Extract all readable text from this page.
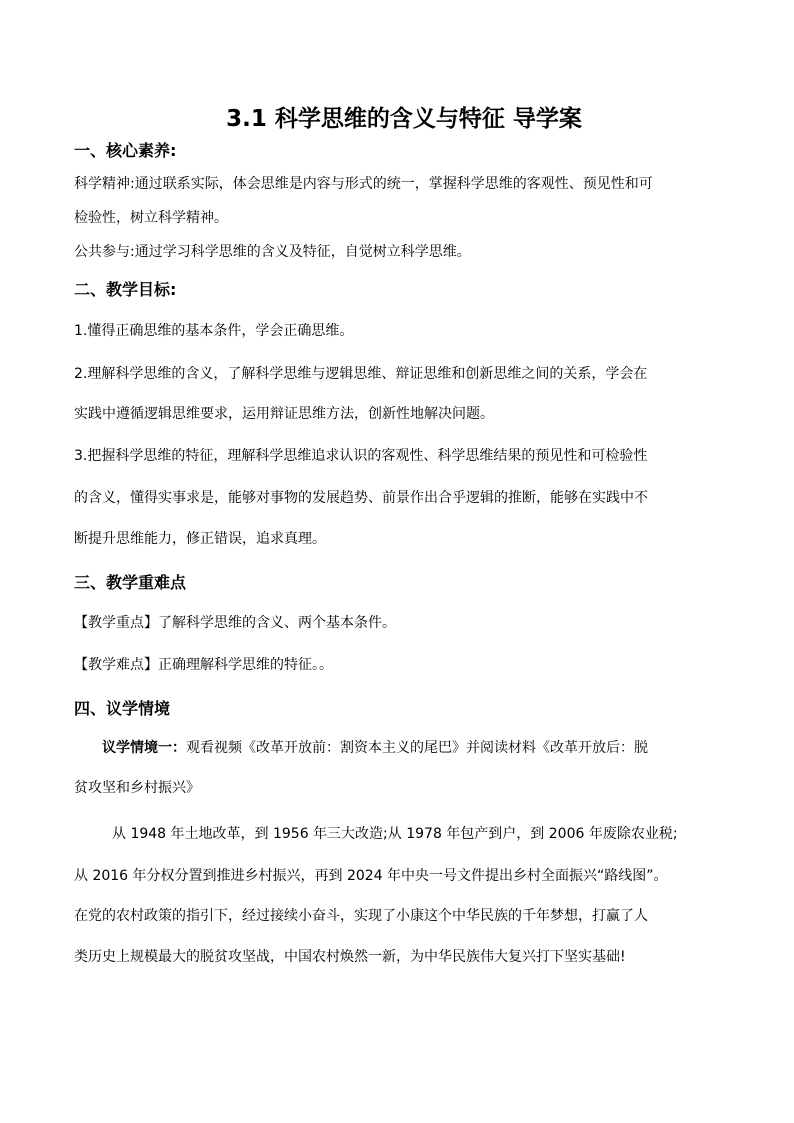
3.1 科学思维的含义与特征 导学案
一、核心素养:
科学精神:通过联系实际，体会思维是内容与形式的统一，掌握科学思维的客观性、预见性和可
检验性，树立科学精神。
公共参与:通过学习科学思维的含义及特征，自觉树立科学思维。
二、教学目标:
1.懂得正确思维的基本条件，学会正确思维。
2.理解科学思维的含义，了解科学思维与逻辑思维、辩证思维和创新思维之间的关系，学会在
实践中遵循逻辑思维要求，运用辩证思维方法，创新性地解决问题。
3.把握科学思维的特征，理解科学思维追求认识的客观性、科学思维结果的预见性和可检验性
的含义，懂得实事求是，能够对事物的发展趋势、前景作出合乎逻辑的推断，能够在实践中不
断提升思维能力，修正错误，追求真理。
三、教学重难点
【教学重点】了解科学思维的含义、两个基本条件。
【教学难点】正确理解科学思维的特征。。
四、议学情境
议学情境一：观看视频《改革开放前：割资本主义的尾巴》并阅读材料《改革开放后：脱
贫攻坚和乡村振兴》
从 1948 年土地改革，到 1956 年三大改造;从 1978 年包产到户，到 2006 年废除农业税;
从 2016 年分权分置到推进乡村振兴，再到 2024 年中央一号文件提出乡村全面振兴“路线图”。
在党的农村政策的指引下，经过接续小奋斗，实现了小康这个中华民族的千年梦想，打赢了人
类历史上规模最大的脱贫攻坚战，中国农村焕然一新，为中华民族伟大复兴打下坚实基础!
